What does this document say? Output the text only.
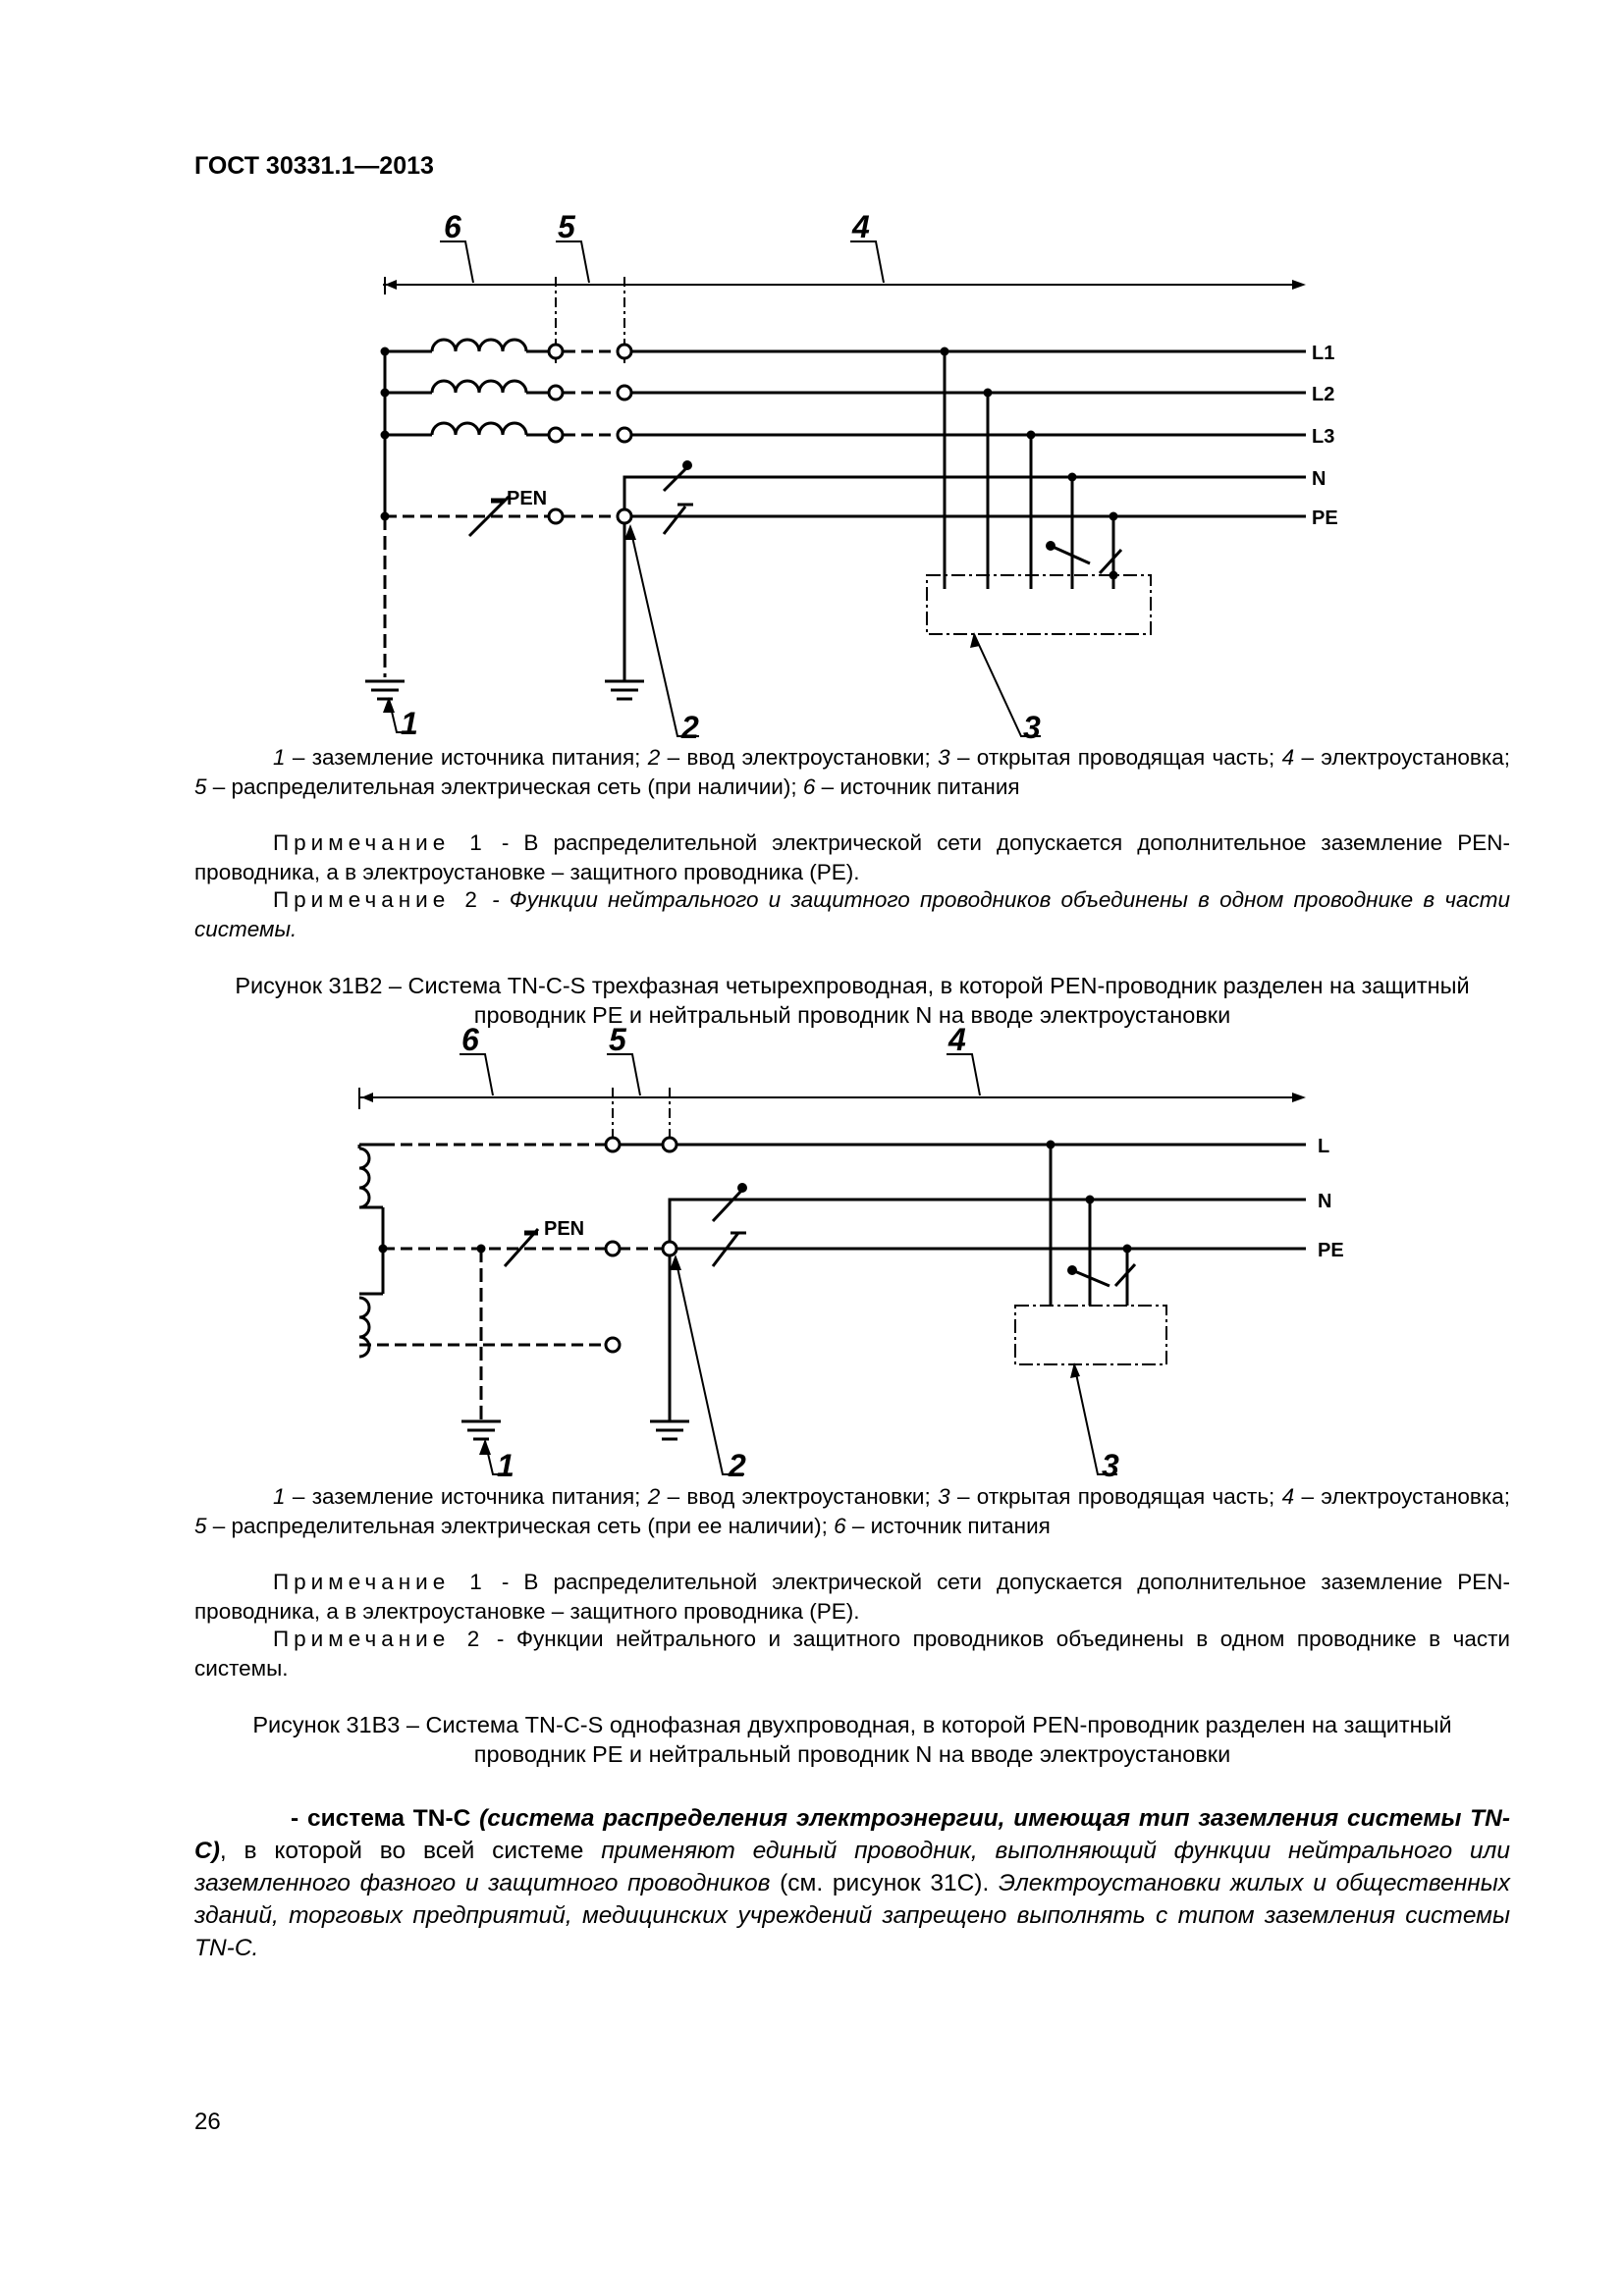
ГОСТ 30331.1—2013
6	5	4
1	2	3
PEN
L1
L2
L3
N
PE
1 – заземление источника питания; 2 – ввод электроустановки; 3 – открытая проводящая часть; 4 – электроустановка; 5 – распределительная электрическая сеть (при наличии); 6 – источник питания
Примечание 1 - В распределительной электрической сети допускается дополнительное заземление PEN-проводника, а в электроустановке – защитного проводника (PE).
Примечание 2 - Функции нейтрального и защитного проводников объединены в одном проводнике в части системы.
Рисунок 31В2 – Система TN-C-S трехфазная четырехпроводная, в которой PEN-проводник разделен на защитный проводник PE и нейтральный проводник N на вводе электроустановки
6	5	4
1	2	3
PEN
L
N
PE
1 – заземление источника питания; 2 – ввод электроустановки; 3 – открытая проводящая часть; 4 – электроустановка; 5 – распределительная электрическая сеть (при ее наличии); 6 – источник питания
Примечание 1 - В распределительной электрической сети допускается дополнительное заземление PEN-проводника, а в электроустановке – защитного проводника (PE).
Примечание 2 - Функции нейтрального и защитного проводников объединены в одном проводнике в части системы.
Рисунок 31В3 – Система TN-C-S однофазная двухпроводная, в которой PEN-проводник разделен на защитный проводник PE и нейтральный проводник N на вводе электроустановки
- система TN-C (система распределения электроэнергии, имеющая тип заземления системы TN-C), в которой во всей системе применяют единый проводник, выполняющий функции нейтрального или заземленного фазного и защитного проводников (см. рисунок 31С). Электроустановки жилых и общественных зданий, торговых предприятий, медицинских учреждений запрещено выполнять с типом заземления системы TN-C.
26
